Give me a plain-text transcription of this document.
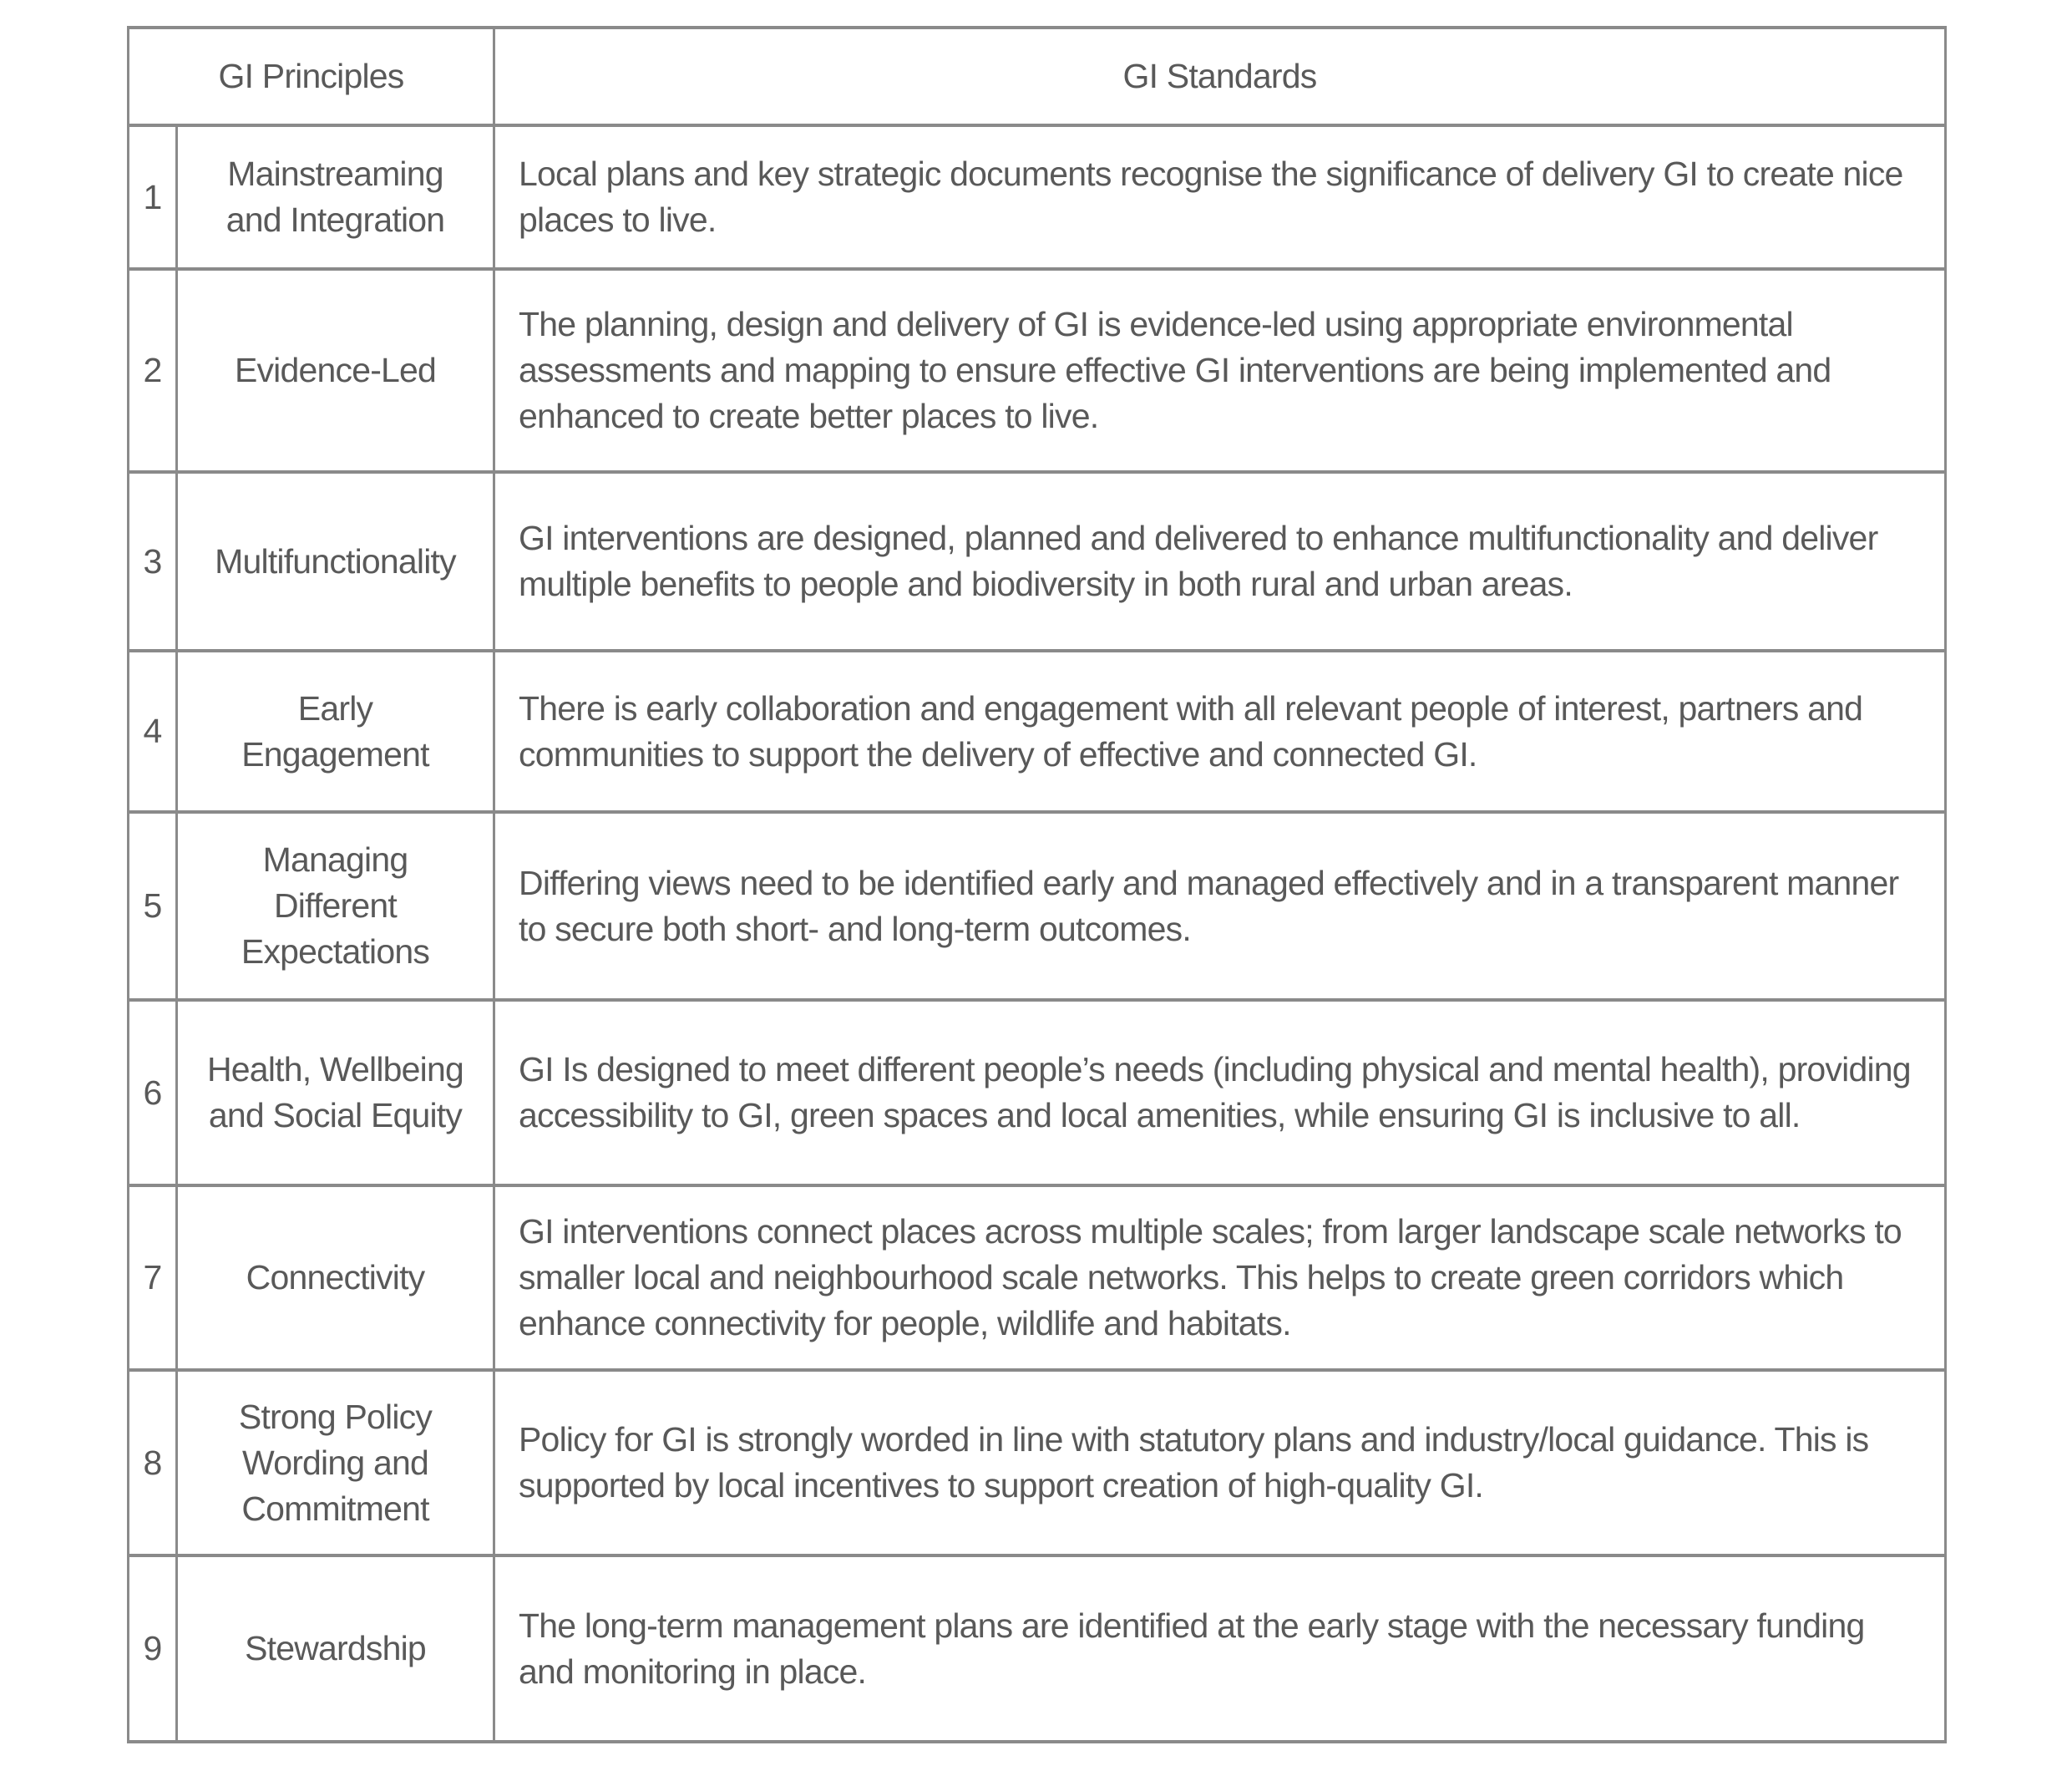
GI Principles		GI Standards
1	Mainstreaming and Integration	Local plans and key strategic documents recognise the significance of delivery GI to create nice places to live.
2	Evidence-Led	The planning, design and delivery of GI is evidence-led using appropriate environmental assessments and mapping to ensure effective GI interventions are being implemented and enhanced to create better places to live.
3	Multifunctionality	GI interventions are designed, planned and delivered to enhance multifunctionality and deliver multiple benefits to people and biodiversity in both rural and urban areas.
4	Early Engagement	There is early collaboration and engagement with all relevant people of interest, partners and communities to support the delivery of effective and connected GI.
5	Managing Different Expectations	Differing views need to be identified early and managed effectively and in a transparent manner to secure both short- and long-term outcomes.
6	Health, Wellbeing and Social Equity	GI Is designed to meet different people’s needs (including physical and mental health), providing accessibility to GI, green spaces and local amenities, while ensuring GI is inclusive to all.
7	Connectivity	GI interventions connect places across multiple scales; from larger landscape scale networks to smaller local and neighbourhood scale networks. This helps to create green corridors which enhance connectivity for people, wildlife and habitats.
8	Strong Policy Wording and Commitment	Policy for GI is strongly worded in line with statutory plans and industry/local guidance. This is supported by local incentives to support creation of high-quality GI.
9	Stewardship	The long-term management plans are identified at the early stage with the necessary funding and monitoring in place.
